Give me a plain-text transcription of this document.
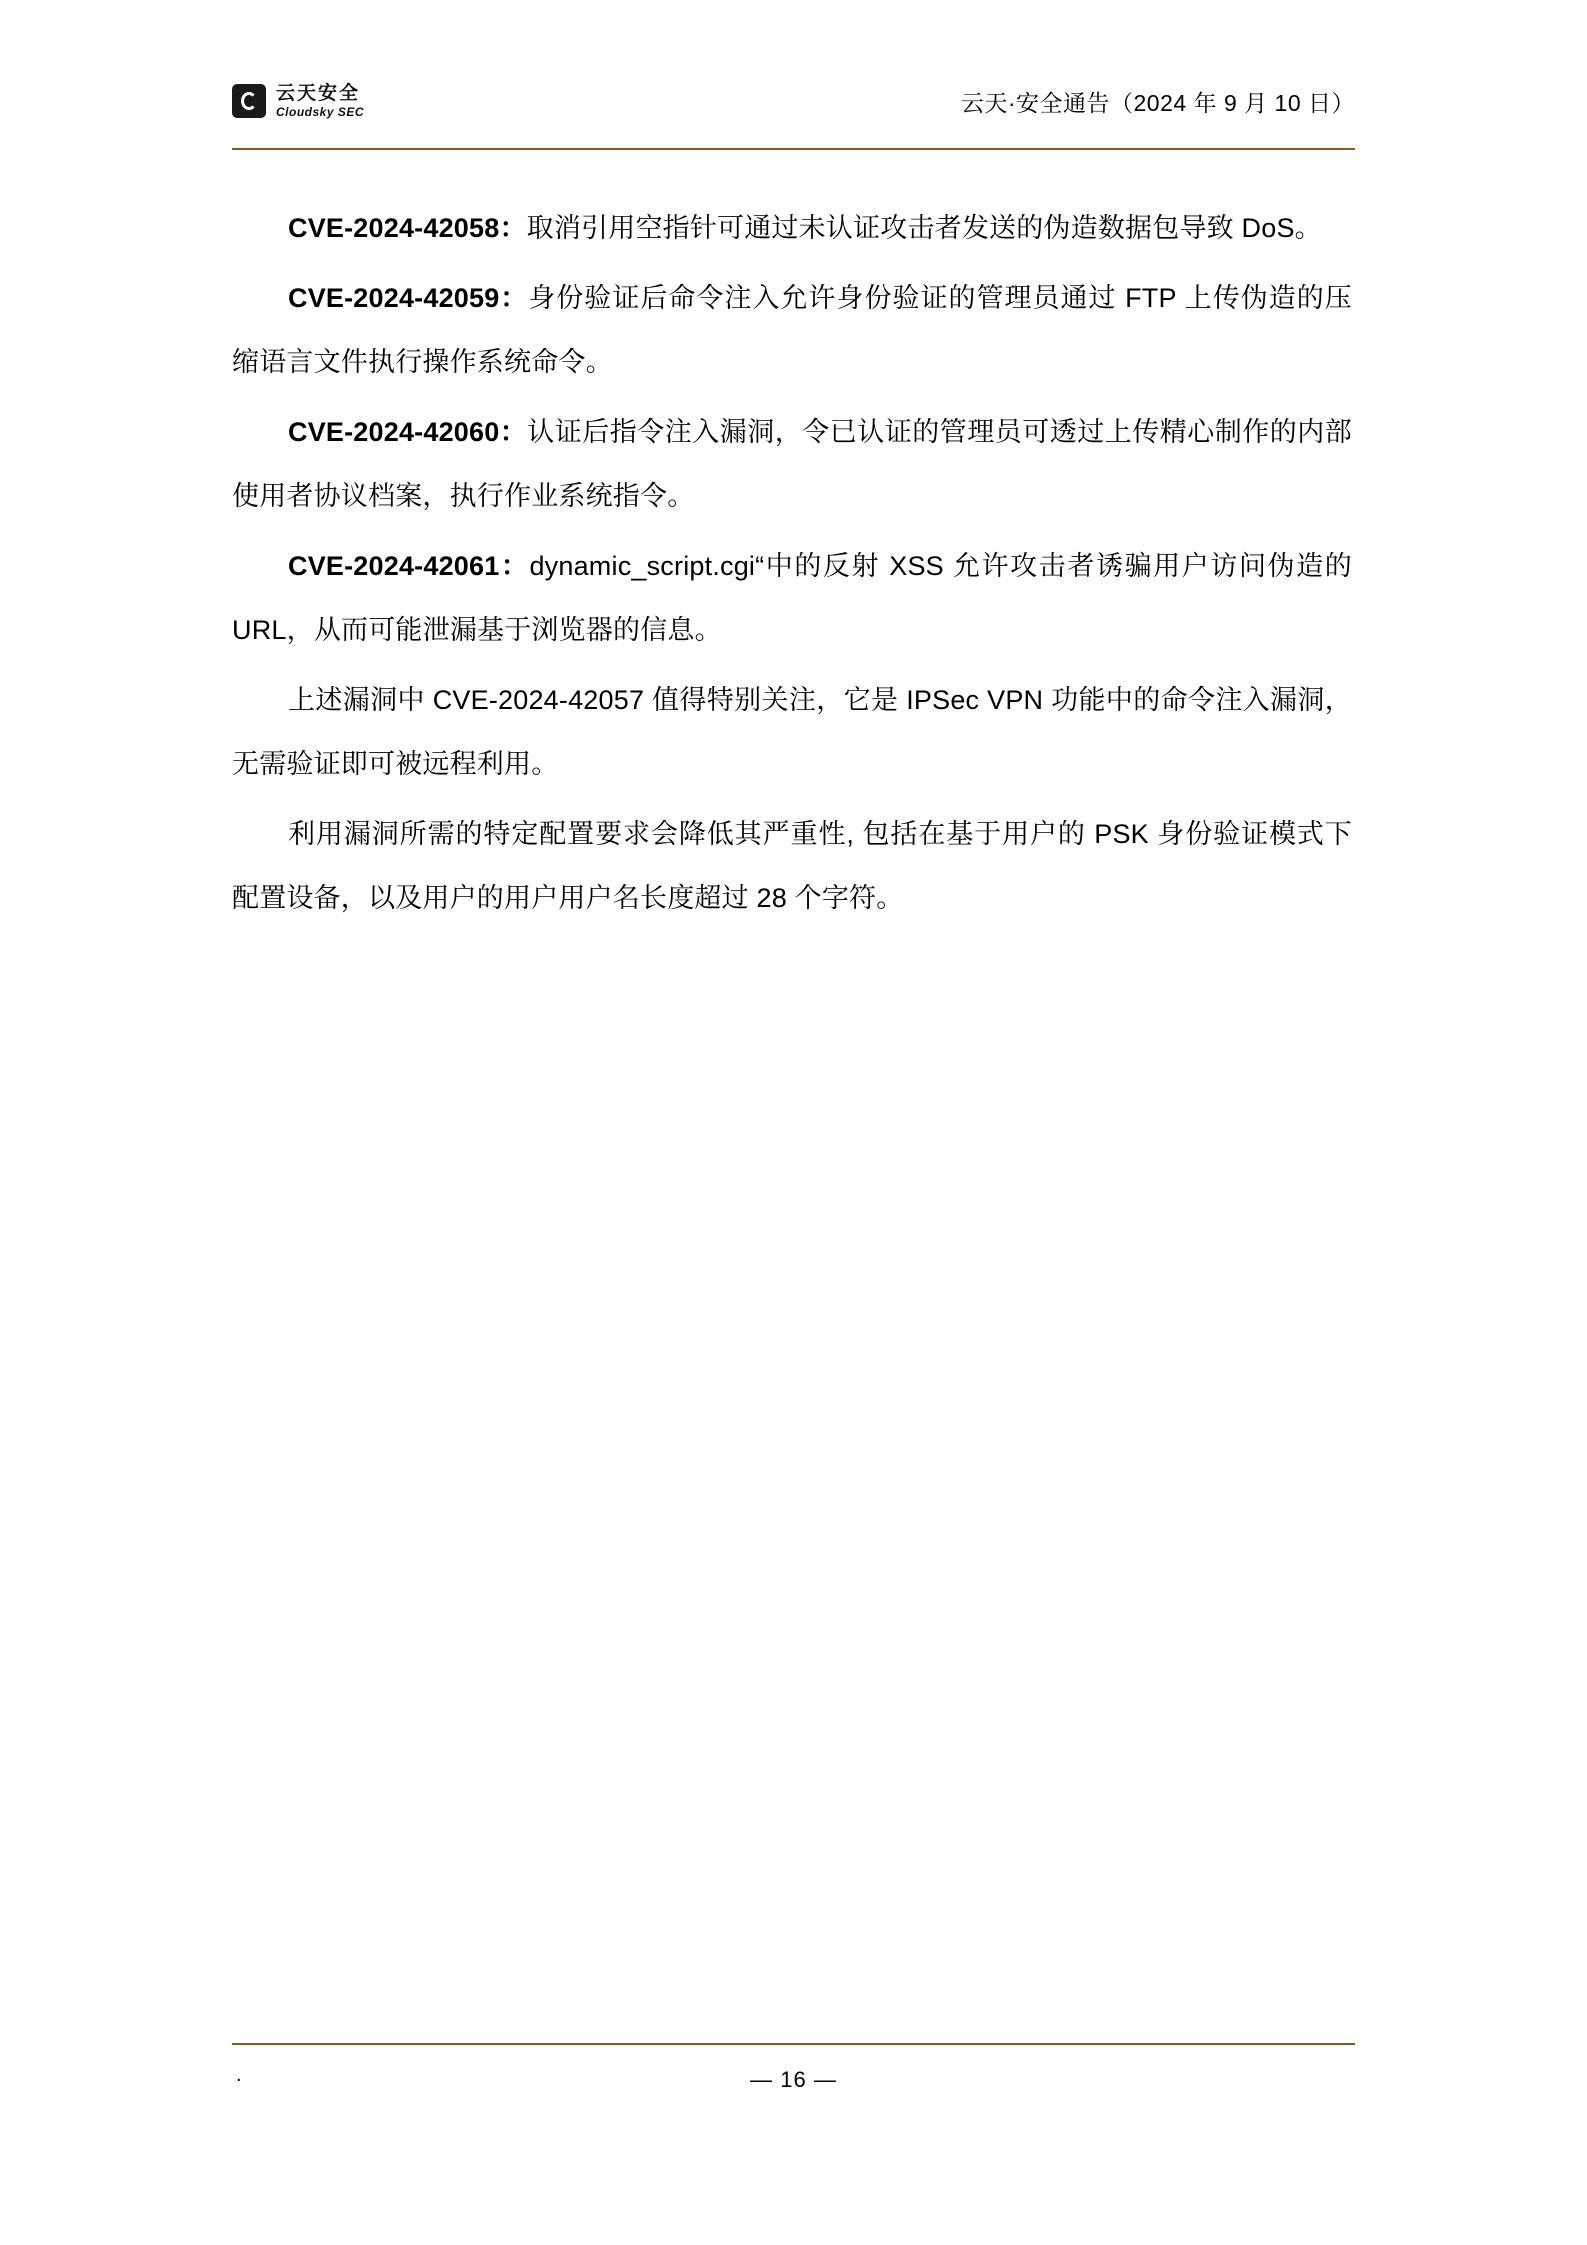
云天安全
Cloudsky SEC	云天·安全通告（2024 年 9 月 10 日）

CVE-2024-42058：取消引用空指针可通过未认证攻击者发送的伪造数据包导致 DoS。

CVE-2024-42059：身份验证后命令注入允许身份验证的管理员通过 FTP 上传伪造的压缩语言文件执行操作系统命令。

CVE-2024-42060：认证后指令注入漏洞，令已认证的管理员可透过上传精心制作的内部使用者协议档案，执行作业系统指令。

CVE-2024-42061：dynamic_script.cgi“中的反射 XSS 允许攻击者诱骗用户访问伪造的 URL，从而可能泄漏基于浏览器的信息。

上述漏洞中 CVE-2024-42057 值得特别关注，它是 IPSec VPN 功能中的命令注入漏洞，无需验证即可被远程利用。

利用漏洞所需的特定配置要求会降低其严重性, 包括在基于用户的 PSK 身份验证模式下配置设备，以及用户的用户用户名长度超过 28 个字符。

.	— 16 —
